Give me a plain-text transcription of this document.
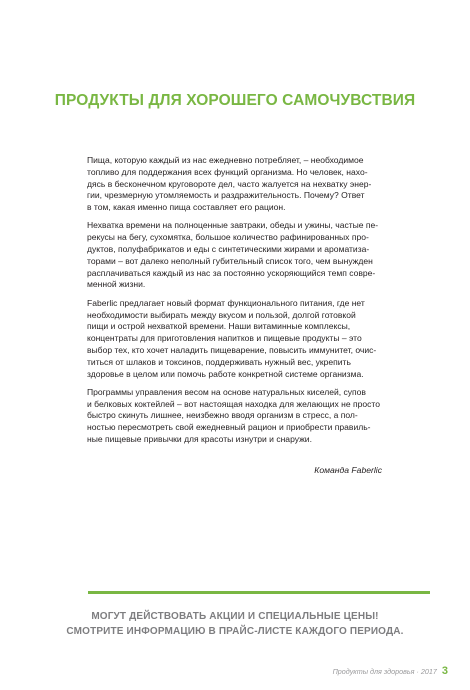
ПРОДУКТЫ ДЛЯ ХОРОШЕГО САМОЧУВСТВИЯ

Пища, которую каждый из нас ежедневно потребляет, – необходимое
топливо для поддержания всех функций организма. Но человек, нахо-
дясь в бесконечном круговороте дел, часто жалуется на нехватку энер-
гии, чрезмерную утомляемость и раздражительность. Почему? Ответ
в том, какая именно пища составляет его рацион.

Нехватка времени на полноценные завтраки, обеды и ужины, частые пе-
рекусы на бегу, сухомятка, большое количество рафинированных про-
дуктов, полуфабрикатов и еды с синтетическими жирами и ароматиза-
торами – вот далеко неполный губительный список того, чем вынужден
расплачиваться каждый из нас за постоянно ускоряющийся темп совре-
менной жизни.

Faberlic предлагает новый формат функционального питания, где нет
необходимости выбирать между вкусом и пользой, долгой готовкой
пищи и острой нехваткой времени. Наши витаминные комплексы,
концентраты для приготовления напитков и пищевые продукты – это
выбор тех, кто хочет наладить пищеварение, повысить иммунитет, очис-
титься от шлаков и токсинов, поддерживать нужный вес, укрепить
здоровье в целом или помочь работе конкретной системе организма.

Программы управления весом на основе натуральных киселей, супов
и белковых коктейлей – вот настоящая находка для желающих не просто
быстро скинуть лишнее, неизбежно вводя организм в стресс, а пол-
ностью пересмотреть свой ежедневный рацион и приобрести правиль-
ные пищевые привычки для красоты изнутри и снаружи.

Команда Faberlic
МОГУТ ДЕЙСТВОВАТЬ АКЦИИ И СПЕЦИАЛЬНЫЕ ЦЕНЫ!
СМОТРИТЕ ИНФОРМАЦИЮ В ПРАЙС-ЛИСТЕ КАЖДОГО ПЕРИОДА.
Продукты для здоровья · 2017 3
